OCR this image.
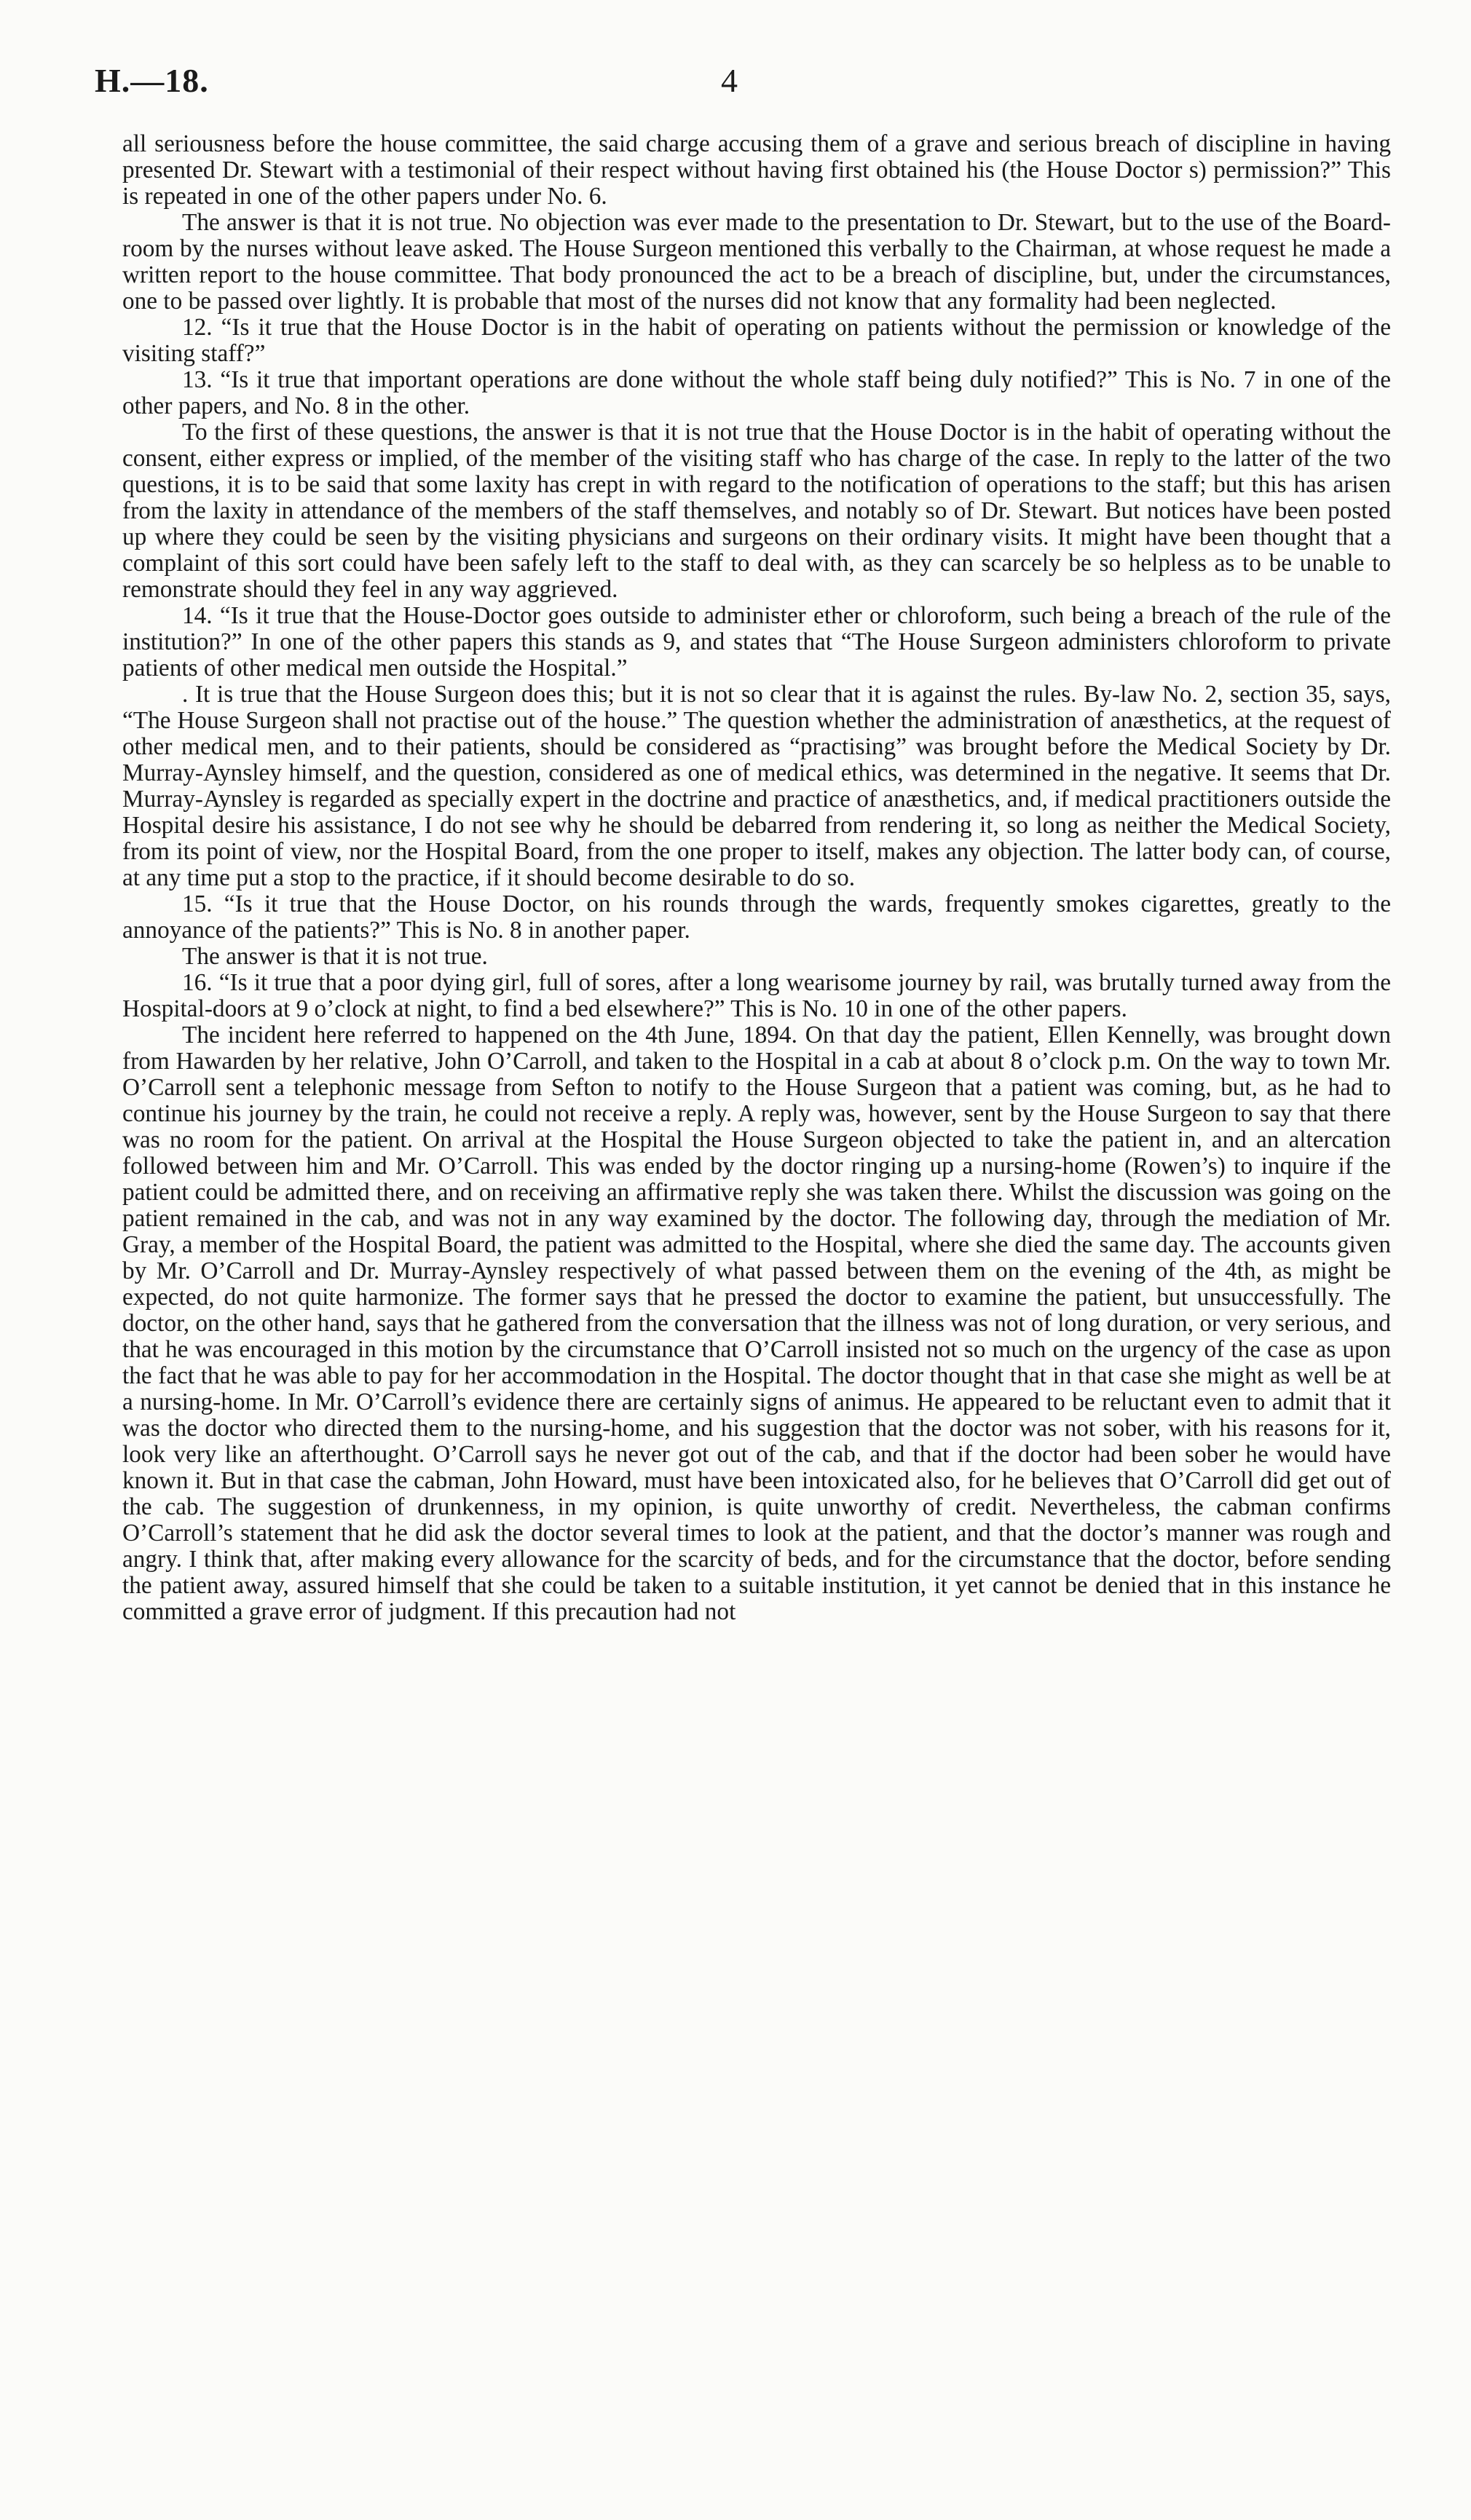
H.—18.	4

all seriousness before the house committee, the said charge accusing them of a grave and serious breach of discipline in having presented Dr. Stewart with a testimonial of their respect without having first obtained his (the House Doctor s) permission?” This is repeated in one of the other papers under No. 6.

The answer is that it is not true. No objection was ever made to the presentation to Dr. Stewart, but to the use of the Board-room by the nurses without leave asked. The House Surgeon mentioned this verbally to the Chairman, at whose request he made a written report to the house committee. That body pronounced the act to be a breach of discipline, but, under the circumstances, one to be passed over lightly. It is probable that most of the nurses did not know that any formality had been neglected.

12. “Is it true that the House Doctor is in the habit of operating on patients without the permission or knowledge of the visiting staff?”

13. “Is it true that important operations are done without the whole staff being duly notified?” This is No. 7 in one of the other papers, and No. 8 in the other.

To the first of these questions, the answer is that it is not true that the House Doctor is in the habit of operating without the consent, either express or implied, of the member of the visiting staff who has charge of the case. In reply to the latter of the two questions, it is to be said that some laxity has crept in with regard to the notification of operations to the staff; but this has arisen from the laxity in attendance of the members of the staff themselves, and notably so of Dr. Stewart. But notices have been posted up where they could be seen by the visiting physicians and surgeons on their ordinary visits. It might have been thought that a complaint of this sort could have been safely left to the staff to deal with, as they can scarcely be so helpless as to be unable to remonstrate should they feel in any way aggrieved.

14. “Is it true that the House-Doctor goes outside to administer ether or chloroform, such being a breach of the rule of the institution?” In one of the other papers this stands as 9, and states that “The House Surgeon administers chloroform to private patients of other medical men outside the Hospital.”

. It is true that the House Surgeon does this; but it is not so clear that it is against the rules. By-law No. 2, section 35, says, “The House Surgeon shall not practise out of the house.” The question whether the administration of anæsthetics, at the request of other medical men, and to their patients, should be considered as “practising” was brought before the Medical Society by Dr. Murray-Aynsley himself, and the question, considered as one of medical ethics, was determined in the negative. It seems that Dr. Murray-Aynsley is regarded as specially expert in the doctrine and practice of anæsthetics, and, if medical practitioners outside the Hospital desire his assistance, I do not see why he should be debarred from rendering it, so long as neither the Medical Society, from its point of view, nor the Hospital Board, from the one proper to itself, makes any objection. The latter body can, of course, at any time put a stop to the practice, if it should become desirable to do so.

15. “Is it true that the House Doctor, on his rounds through the wards, frequently smokes cigarettes, greatly to the annoyance of the patients?” This is No. 8 in another paper.

The answer is that it is not true.

16. “Is it true that a poor dying girl, full of sores, after a long wearisome journey by rail, was brutally turned away from the Hospital-doors at 9 o’clock at night, to find a bed elsewhere?” This is No. 10 in one of the other papers.

The incident here referred to happened on the 4th June, 1894. On that day the patient, Ellen Kennelly, was brought down from Hawarden by her relative, John O’Carroll, and taken to the Hospital in a cab at about 8 o’clock p.m. On the way to town Mr. O’Carroll sent a telephonic message from Sefton to notify to the House Surgeon that a patient was coming, but, as he had to continue his journey by the train, he could not receive a reply. A reply was, however, sent by the House Surgeon to say that there was no room for the patient. On arrival at the Hospital the House Surgeon objected to take the patient in, and an altercation followed between him and Mr. O’Carroll. This was ended by the doctor ringing up a nursing-home (Rowen’s) to inquire if the patient could be admitted there, and on receiving an affirmative reply she was taken there. Whilst the discussion was going on the patient remained in the cab, and was not in any way examined by the doctor. The following day, through the mediation of Mr. Gray, a member of the Hospital Board, the patient was admitted to the Hospital, where she died the same day. The accounts given by Mr. O’Carroll and Dr. Murray-Aynsley respectively of what passed between them on the evening of the 4th, as might be expected, do not quite harmonize. The former says that he pressed the doctor to examine the patient, but unsuccessfully. The doctor, on the other hand, says that he gathered from the conversation that the illness was not of long duration, or very serious, and that he was encouraged in this motion by the circumstance that O’Carroll insisted not so much on the urgency of the case as upon the fact that he was able to pay for her accommodation in the Hospital. The doctor thought that in that case she might as well be at a nursing-home. In Mr. O’Carroll’s evidence there are certainly signs of animus. He appeared to be reluctant even to admit that it was the doctor who directed them to the nursing-home, and his suggestion that the doctor was not sober, with his reasons for it, look very like an afterthought. O’Carroll says he never got out of the cab, and that if the doctor had been sober he would have known it. But in that case the cabman, John Howard, must have been intoxicated also, for he believes that O’Carroll did get out of the cab. The suggestion of drunkenness, in my opinion, is quite unworthy of credit. Nevertheless, the cabman confirms O’Carroll’s statement that he did ask the doctor several times to look at the patient, and that the doctor’s manner was rough and angry. I think that, after making every allowance for the scarcity of beds, and for the circumstance that the doctor, before sending the patient away, assured himself that she could be taken to a suitable institution, it yet cannot be denied that in this instance he committed a grave error of judgment. If this precaution had not
